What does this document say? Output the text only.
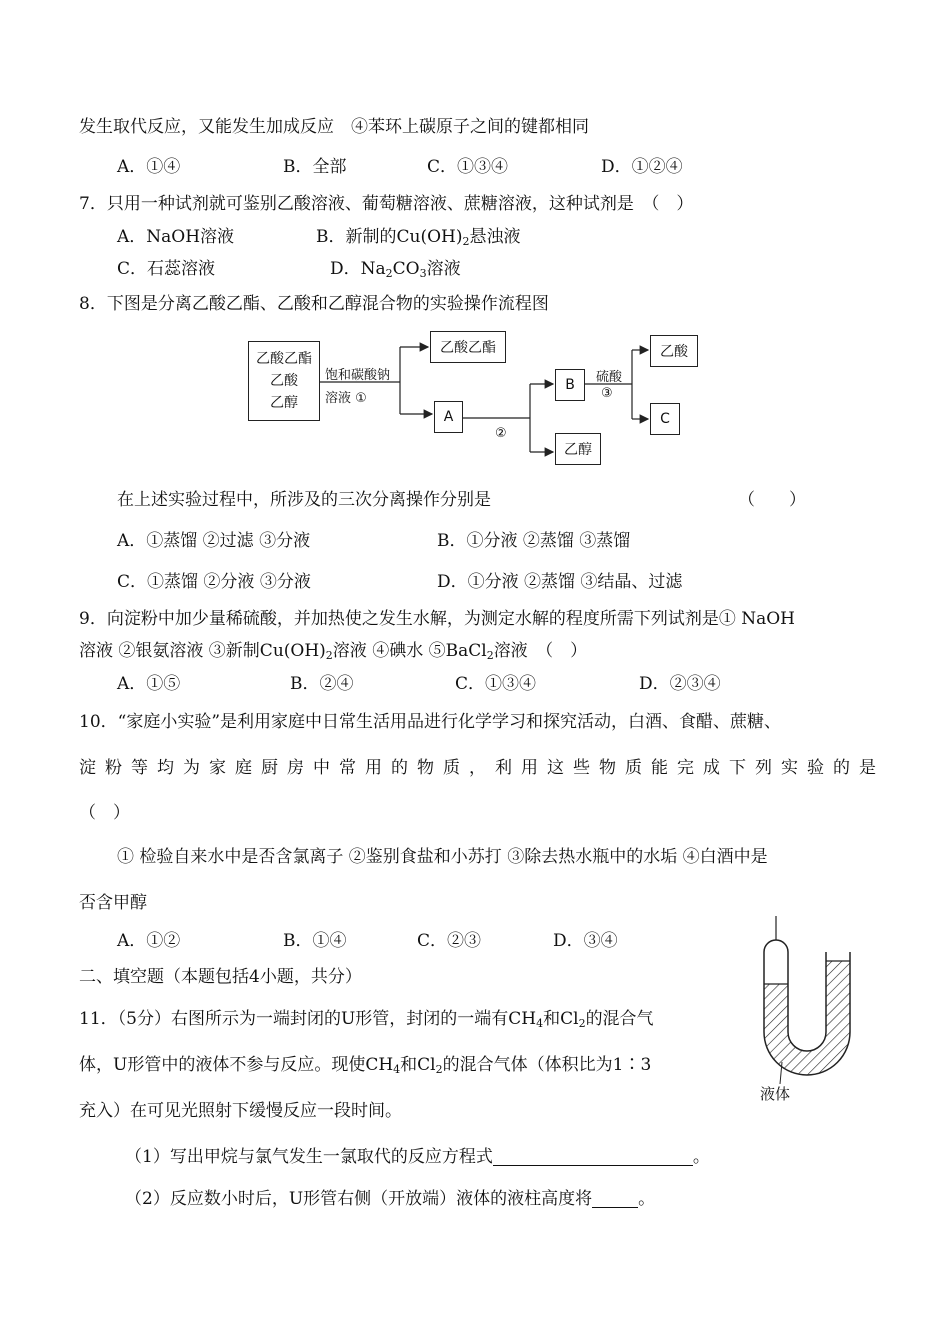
发生取代反应，又能发生加成反应　④苯环上碳原子之间的键都相同
A．①④	B．全部	C．①③④	D．①②④
7．只用一种试剂就可鉴别乙酸溶液、葡萄糖溶液、蔗糖溶液，这种试剂是　（　）
A．NaOH溶液	B．新制的$Cu(OH)_2$悬浊液
C．石蕊溶液	D．$Na_2CO_3$溶液
8．下图是分离乙酸乙酯、乙酸和乙醇混合物的实验操作流程图
乙酸乙酯
乙酸
乙醇
饱和碳酸钠
溶液 ①
乙酸乙酯
A
②
B	硫酸
③
乙醇
乙酸
C
在上述实验过程中，所涉及的三次分离操作分别是	（　　）
A．①蒸馏 ②过滤 ③分液	B．①分液 ②蒸馏 ③蒸馏
C．①蒸馏 ②分液 ③分液	D．①分液 ②蒸馏 ③结晶、过滤
9．向淀粉中加少量稀硫酸，并加热使之发生水解，为测定水解的程度所需下列试剂是① NaOH
溶液 ②银氨溶液 ③新制$Cu(OH)_2$溶液 ④碘水 ⑤BaCl$_2$溶液　（　）
A．①⑤	B．②④	C．①③④	D．②③④
10．“家庭小实验”是利用家庭中日常生活用品进行化学学习和探究活动，白酒、食醋、蔗糖、
淀粉等均为家庭厨房中常用的物质，利用这些物质能完成下列实验的是
（　）
① 检验自来水中是否含氯离子 ②鉴别食盐和小苏打 ③除去热水瓶中的水垢 ④白酒中是
否含甲醇
A．①②	B．①④	C．②③	D．③④
二、填空题（本题包括4小题，共分）
11．（5分）右图所示为一端封闭的U形管，封闭的一端有$CH_4$和$Cl_2$的混合气
体，U形管中的液体不参与反应。现使$CH_4$和$Cl_2$的混合气体（体积比为1∶3
充入）在可见光照射下缓慢反应一段时间。
（1）写出甲烷与氯气发生一氯取代的反应方程式	。
（2）反应数小时后，U形管右侧（开放端）液体的液柱高度将	。
液体
